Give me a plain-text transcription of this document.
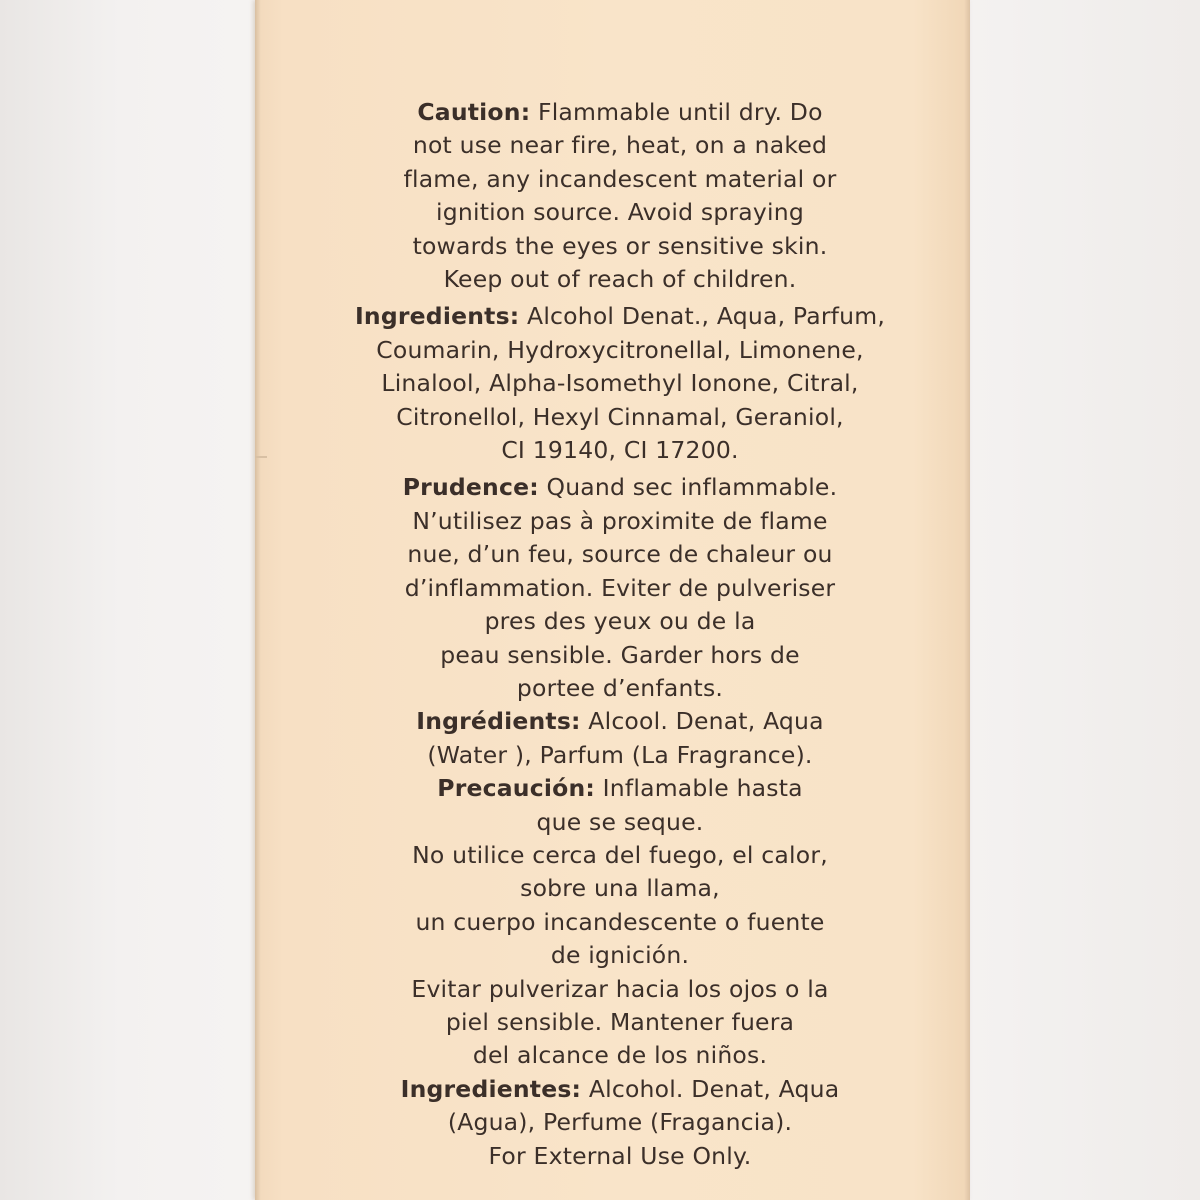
Caution: Flammable until dry. Do
not use near fire, heat, on a naked
flame, any incandescent material or
ignition source. Avoid spraying
towards the eyes or sensitive skin.
Keep out of reach of children.
Ingredients: Alcohol Denat., Aqua, Parfum,
Coumarin, Hydroxycitronellal, Limonene,
Linalool, Alpha-Isomethyl Ionone, Citral,
Citronellol, Hexyl Cinnamal, Geraniol,
CI 19140, CI 17200.
Prudence: Quand sec inflammable.
N’utilisez pas à proximite de flame
nue, d’un feu, source de chaleur ou
d’inflammation. Eviter de pulveriser
pres des yeux ou de la
peau sensible. Garder hors de
portee d’enfants.
Ingrédients: Alcool. Denat, Aqua
(Water ), Parfum (La Fragrance).
Precaución: Inflamable hasta
que se seque.
No utilice cerca del fuego, el calor,
sobre una llama,
un cuerpo incandescente o fuente
de ignición.
Evitar pulverizar hacia los ojos o la
piel sensible. Mantener fuera
del alcance de los niños.
Ingredientes: Alcohol. Denat, Aqua
(Agua), Perfume (Fragancia).
For External Use Only.
